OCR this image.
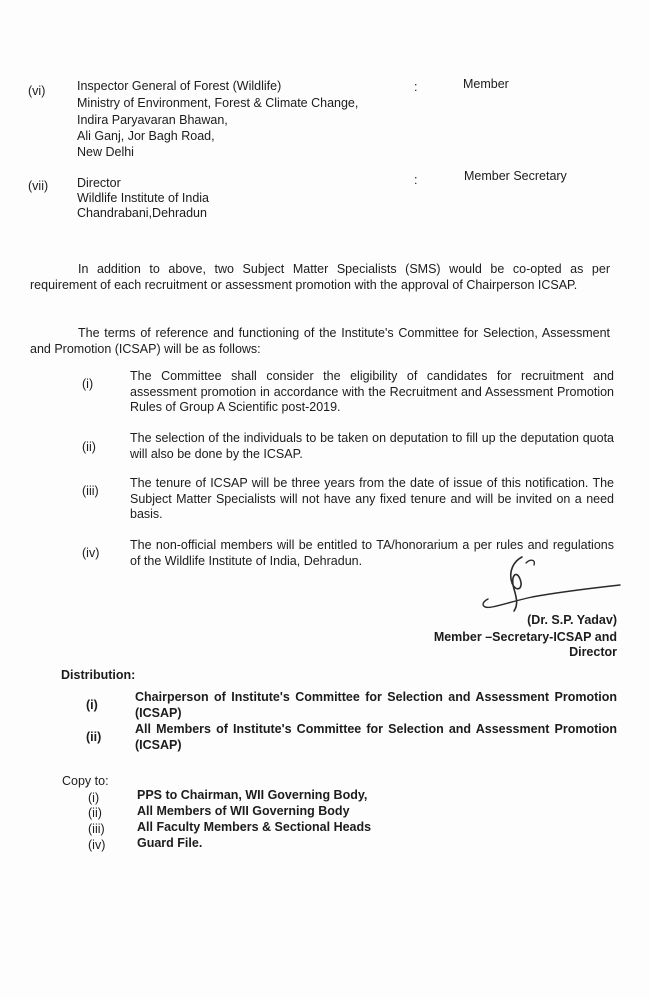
(vi)	Inspector General of Forest (Wildlife)
Ministry of Environment, Forest & Climate Change,
Indira Paryavaran Bhawan,
Ali Ganj, Jor Bagh Road,
New Delhi
:	Member
(vii) Director
Wildlife Institute of India
Chandrabani,Dehradun
:	Member Secretary
In addition to above, two Subject Matter Specialists (SMS) would be co-opted as per requirement of each recruitment or assessment promotion with the approval of Chairperson ICSAP.
The terms of reference and functioning of the Institute's Committee for Selection, Assessment and Promotion (ICSAP) will be as follows:
(i)
The Committee shall consider the eligibility of candidates for recruitment and assessment promotion in accordance with the Recruitment and Assessment Promotion Rules of Group A Scientific post-2019.
(ii)
The selection of the individuals to be taken on deputation to fill up the deputation quota will also be done by the ICSAP.
(iii)
The tenure of ICSAP will be three years from the date of issue of this notification. The Subject Matter Specialists will not have any fixed tenure and will be invited on a need basis.
(iv)
The non-official members will be entitled to TA/honorarium a per rules and regulations of the Wildlife Institute of India, Dehradun.
(Dr. S.P. Yadav)
Member –Secretary-ICSAP and
Director
Distribution:
(i)
Chairperson of Institute's Committee for Selection and Assessment Promotion (ICSAP)
(ii)
All Members of Institute's Committee for Selection and Assessment Promotion (ICSAP)
Copy to:
(i)	PPS to Chairman, WII Governing Body,
(ii)	All Members of WII Governing Body
(iii)	All Faculty Members & Sectional Heads
(iv)	Guard File.
